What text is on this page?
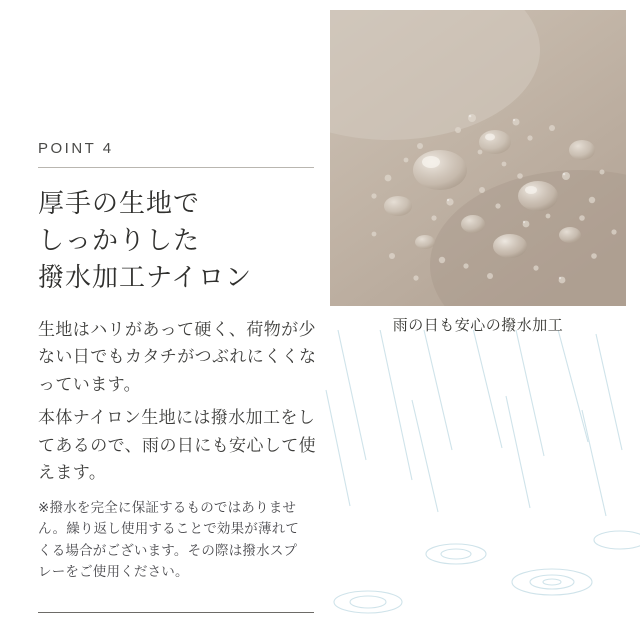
POINT 4
厚手の生地で
しっかりした
撥水加工ナイロン

生地はハリがあって硬く、荷物が少ない日でもカタチがつぶれにくくなっています。

本体ナイロン生地には撥水加工をしてあるので、雨の日にも安心して使えます。

※撥水を完全に保証するものではありません。繰り返し使用することで効果が薄れてくる場合がございます。その際は撥水スプレーをご使用ください。
雨の日も安心の撥水加工
